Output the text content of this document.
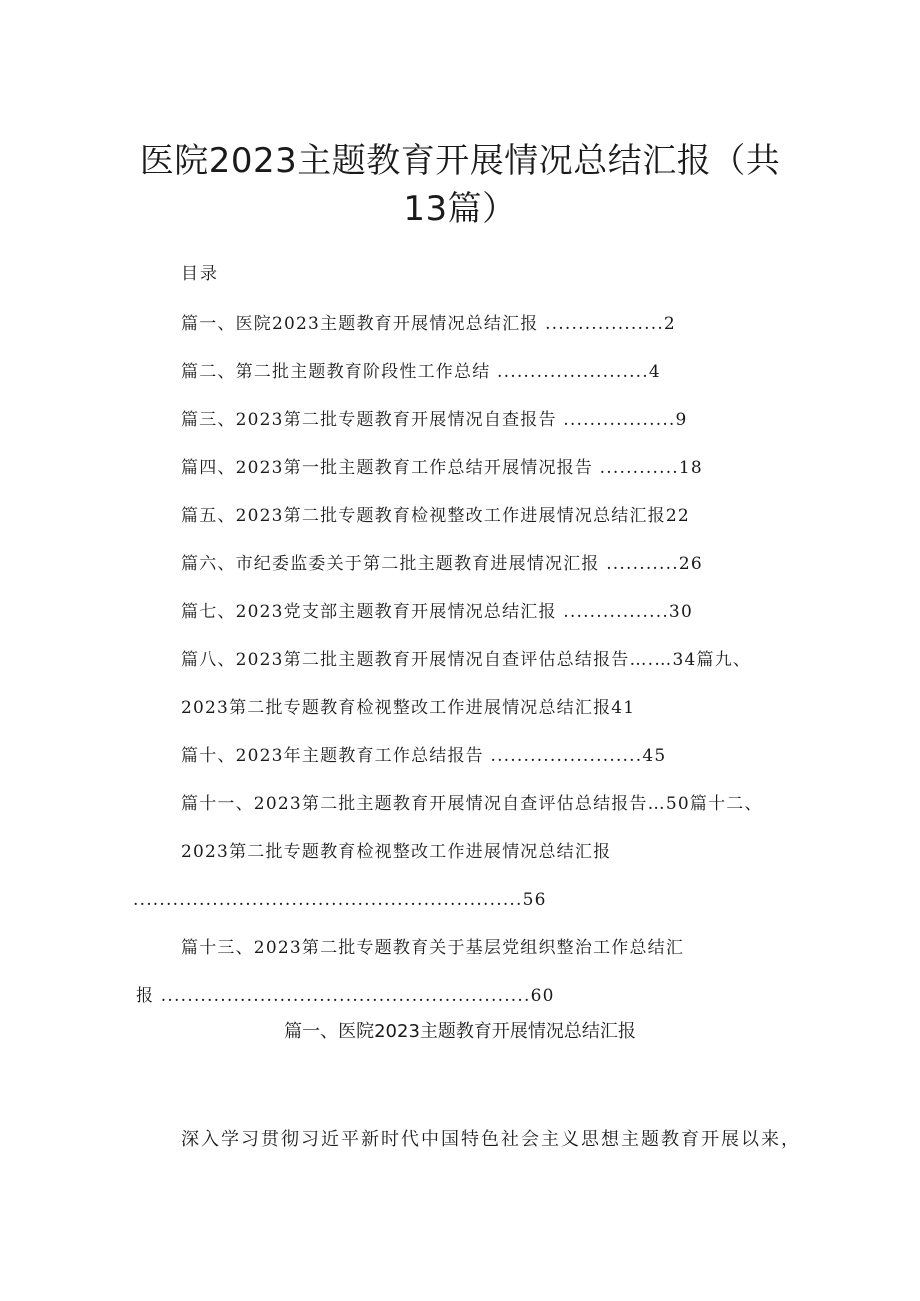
医院2023主题教育开展情况总结汇报（共
13篇）
目录
篇一、医院2023主题教育开展情况总结汇报 ..................2
篇二、第二批主题教育阶段性工作总结 .......................4
篇三、2023第二批专题教育开展情况自查报告 .................9
篇四、2023第一批主题教育工作总结开展情况报告 ............18
篇五、2023第二批专题教育检视整改工作进展情况总结汇报22
篇六、市纪委监委关于第二批主题教育进展情况汇报 ...........26
篇七、2023党支部主题教育开展情况总结汇报 ................30
篇八、2023第二批主题教育开展情况自查评估总结报告….…34篇九、
2023第二批专题教育检视整改工作进展情况总结汇报41
篇十、2023年主题教育工作总结报告 .......................45
篇十一、2023第二批主题教育开展情况自查评估总结报告…50篇十二、
2023第二批专题教育检视整改工作进展情况总结汇报
...........................................................56
篇十三、2023第二批专题教育关于基层党组织整治工作总结汇
报 ........................................................60
篇一、医院2023主题教育开展情况总结汇报
深入学习贯彻习近平新时代中国特色社会主义思想主题教育开展以来，
